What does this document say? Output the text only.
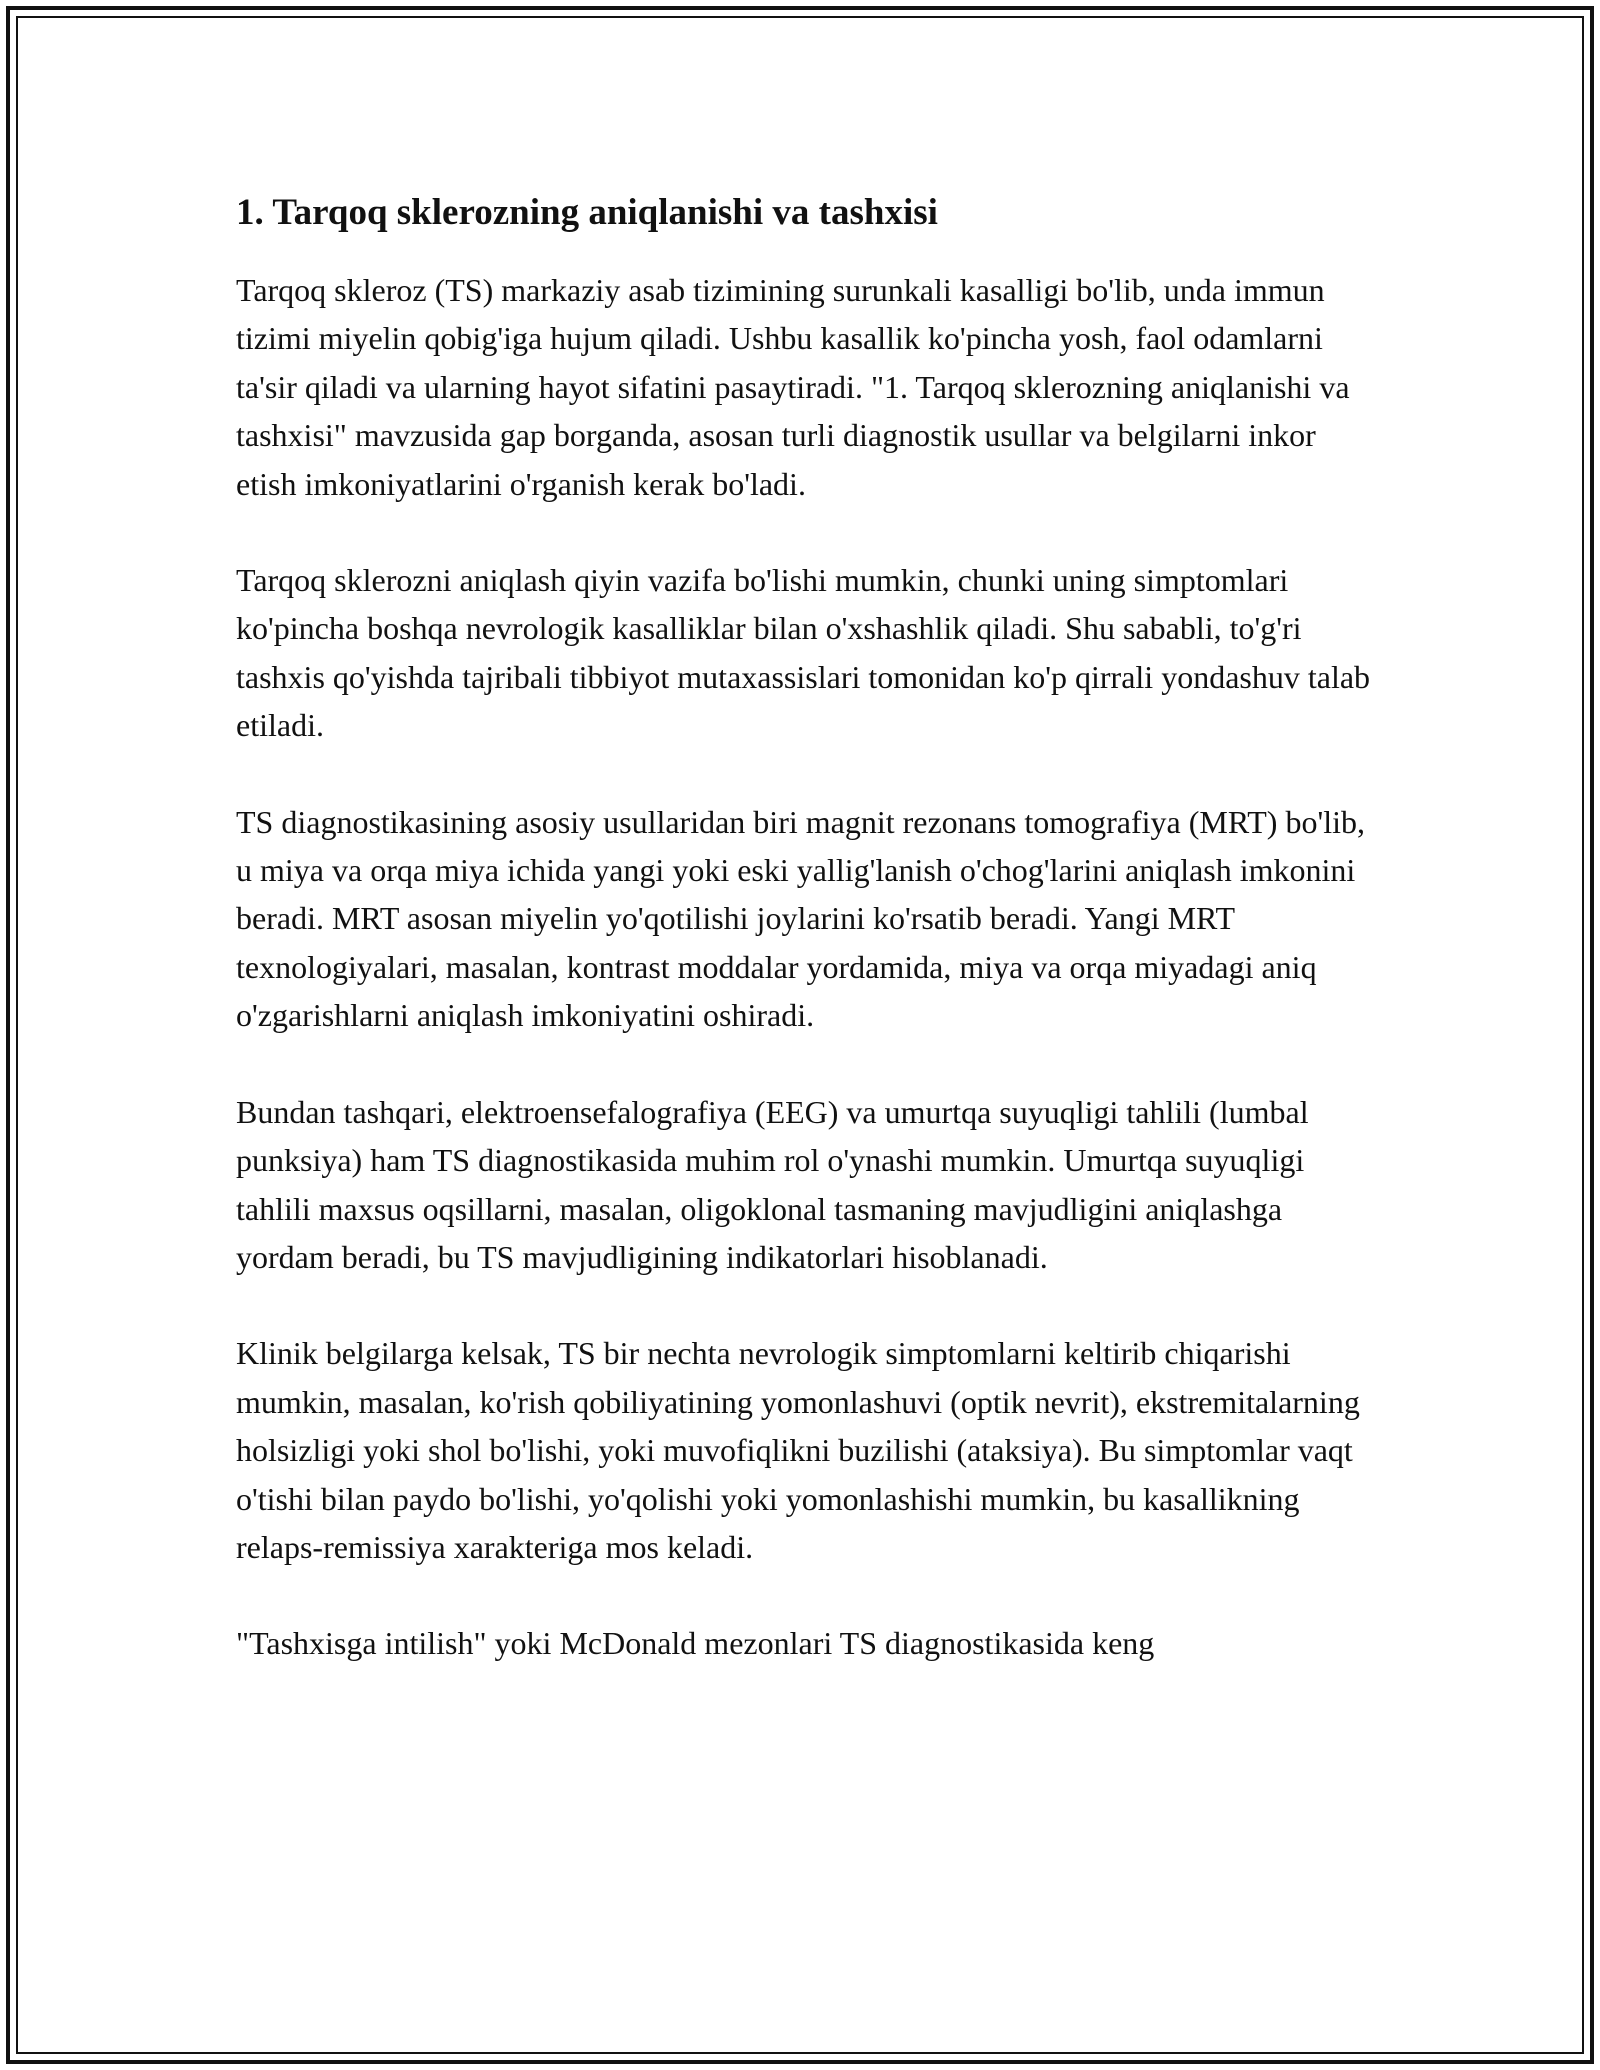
1. Tarqoq sklerozning aniqlanishi va tashxisi

Tarqoq skleroz (TS) markaziy asab tizimining surunkali kasalligi bo'lib, unda immun tizimi miyelin qobig'iga hujum qiladi. Ushbu kasallik ko'pincha yosh, faol odamlarni ta'sir qiladi va ularning hayot sifatini pasaytiradi. "1. Tarqoq sklerozning aniqlanishi va tashxisi" mavzusida gap borganda, asosan turli diagnostik usullar va belgilarni inkor etish imkoniyatlarini o'rganish kerak bo'ladi.

Tarqoq sklerozni aniqlash qiyin vazifa bo'lishi mumkin, chunki uning simptomlari ko'pincha boshqa nevrologik kasalliklar bilan o'xshashlik qiladi. Shu sababli, to'g'ri tashxis qo'yishda tajribali tibbiyot mutaxassislari tomonidan ko'p qirrali yondashuv talab etiladi.

TS diagnostikasining asosiy usullaridan biri magnit rezonans tomografiya (MRT) bo'lib, u miya va orqa miya ichida yangi yoki eski yallig'lanish o'chog'larini aniqlash imkonini beradi. MRT asosan miyelin yo'qotilishi joylarini ko'rsatib beradi. Yangi MRT texnologiyalari, masalan, kontrast moddalar yordamida, miya va orqa miyadagi aniq o'zgarishlarni aniqlash imkoniyatini oshiradi.

Bundan tashqari, elektroensefalografiya (EEG) va umurtqa suyuqligi tahlili (lumbal punksiya) ham TS diagnostikasida muhim rol o'ynashi mumkin. Umurtqa suyuqligi tahlili maxsus oqsillarni, masalan, oligoklonal tasmaning mavjudligini aniqlashga yordam beradi, bu TS mavjudligining indikatorlari hisoblanadi.

Klinik belgilarga kelsak, TS bir nechta nevrologik simptomlarni keltirib chiqarishi mumkin, masalan, ko'rish qobiliyatining yomonlashuvi (optik nevrit), ekstremitalarning holsizligi yoki shol bo'lishi, yoki muvofiqlikni buzilishi (ataksiya). Bu simptomlar vaqt o'tishi bilan paydo bo'lishi, yo'qolishi yoki yomonlashishi mumkin, bu kasallikning relaps-remissiya xarakteriga mos keladi.

"Tashxisga intilish" yoki McDonald mezonlari TS diagnostikasida keng
